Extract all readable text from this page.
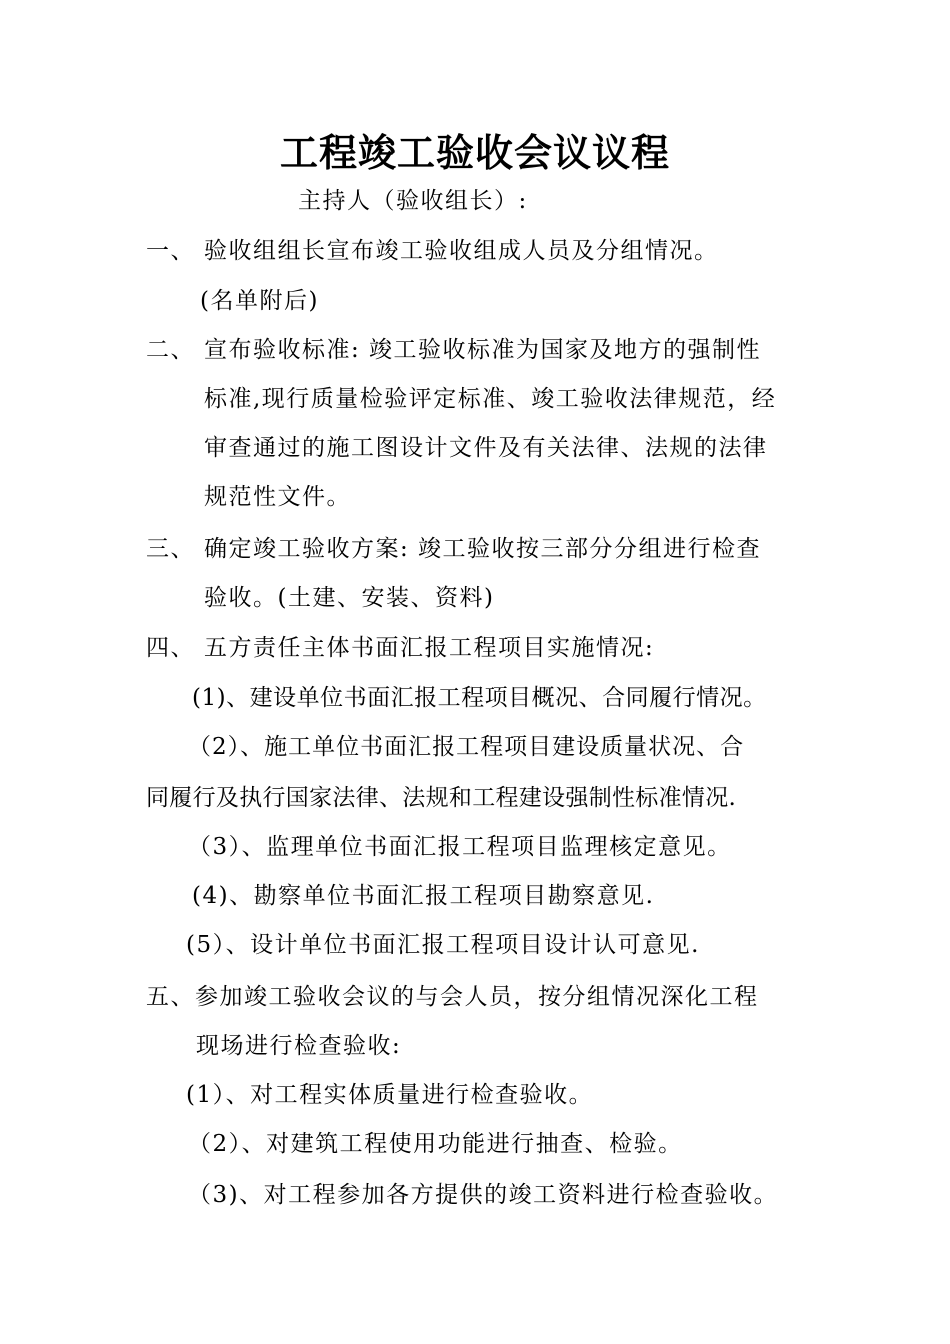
工程竣工验收会议议程
主持人（验收组长）:
一、 验收组组长宣布竣工验收组成人员及分组情况。
(名单附后)
二、 宣布验收标准: 竣工验收标准为国家及地方的强制性
标准,现行质量检验评定标准、竣工验收法律规范，经
审查通过的施工图设计文件及有关法律、法规的法律
规范性文件。
三、 确定竣工验收方案: 竣工验收按三部分分组进行检查
验收。(土建、安装、资料)
四、 五方责任主体书面汇报工程项目实施情况:
(1)、建设单位书面汇报工程项目概况、合同履行情况。
（2）、施工单位书面汇报工程项目建设质量状况、合
同履行及执行国家法律、法规和工程建设强制性标准情况.
（3）、监理单位书面汇报工程项目监理核定意见。
(4)、勘察单位书面汇报工程项目勘察意见.
(5）、设计单位书面汇报工程项目设计认可意见.
五、参加竣工验收会议的与会人员，按分组情况深化工程
现场进行检查验收:
(1）、对工程实体质量进行检查验收。
（2）、对建筑工程使用功能进行抽查、检验。
（3)、对工程参加各方提供的竣工资料进行检查验收。
